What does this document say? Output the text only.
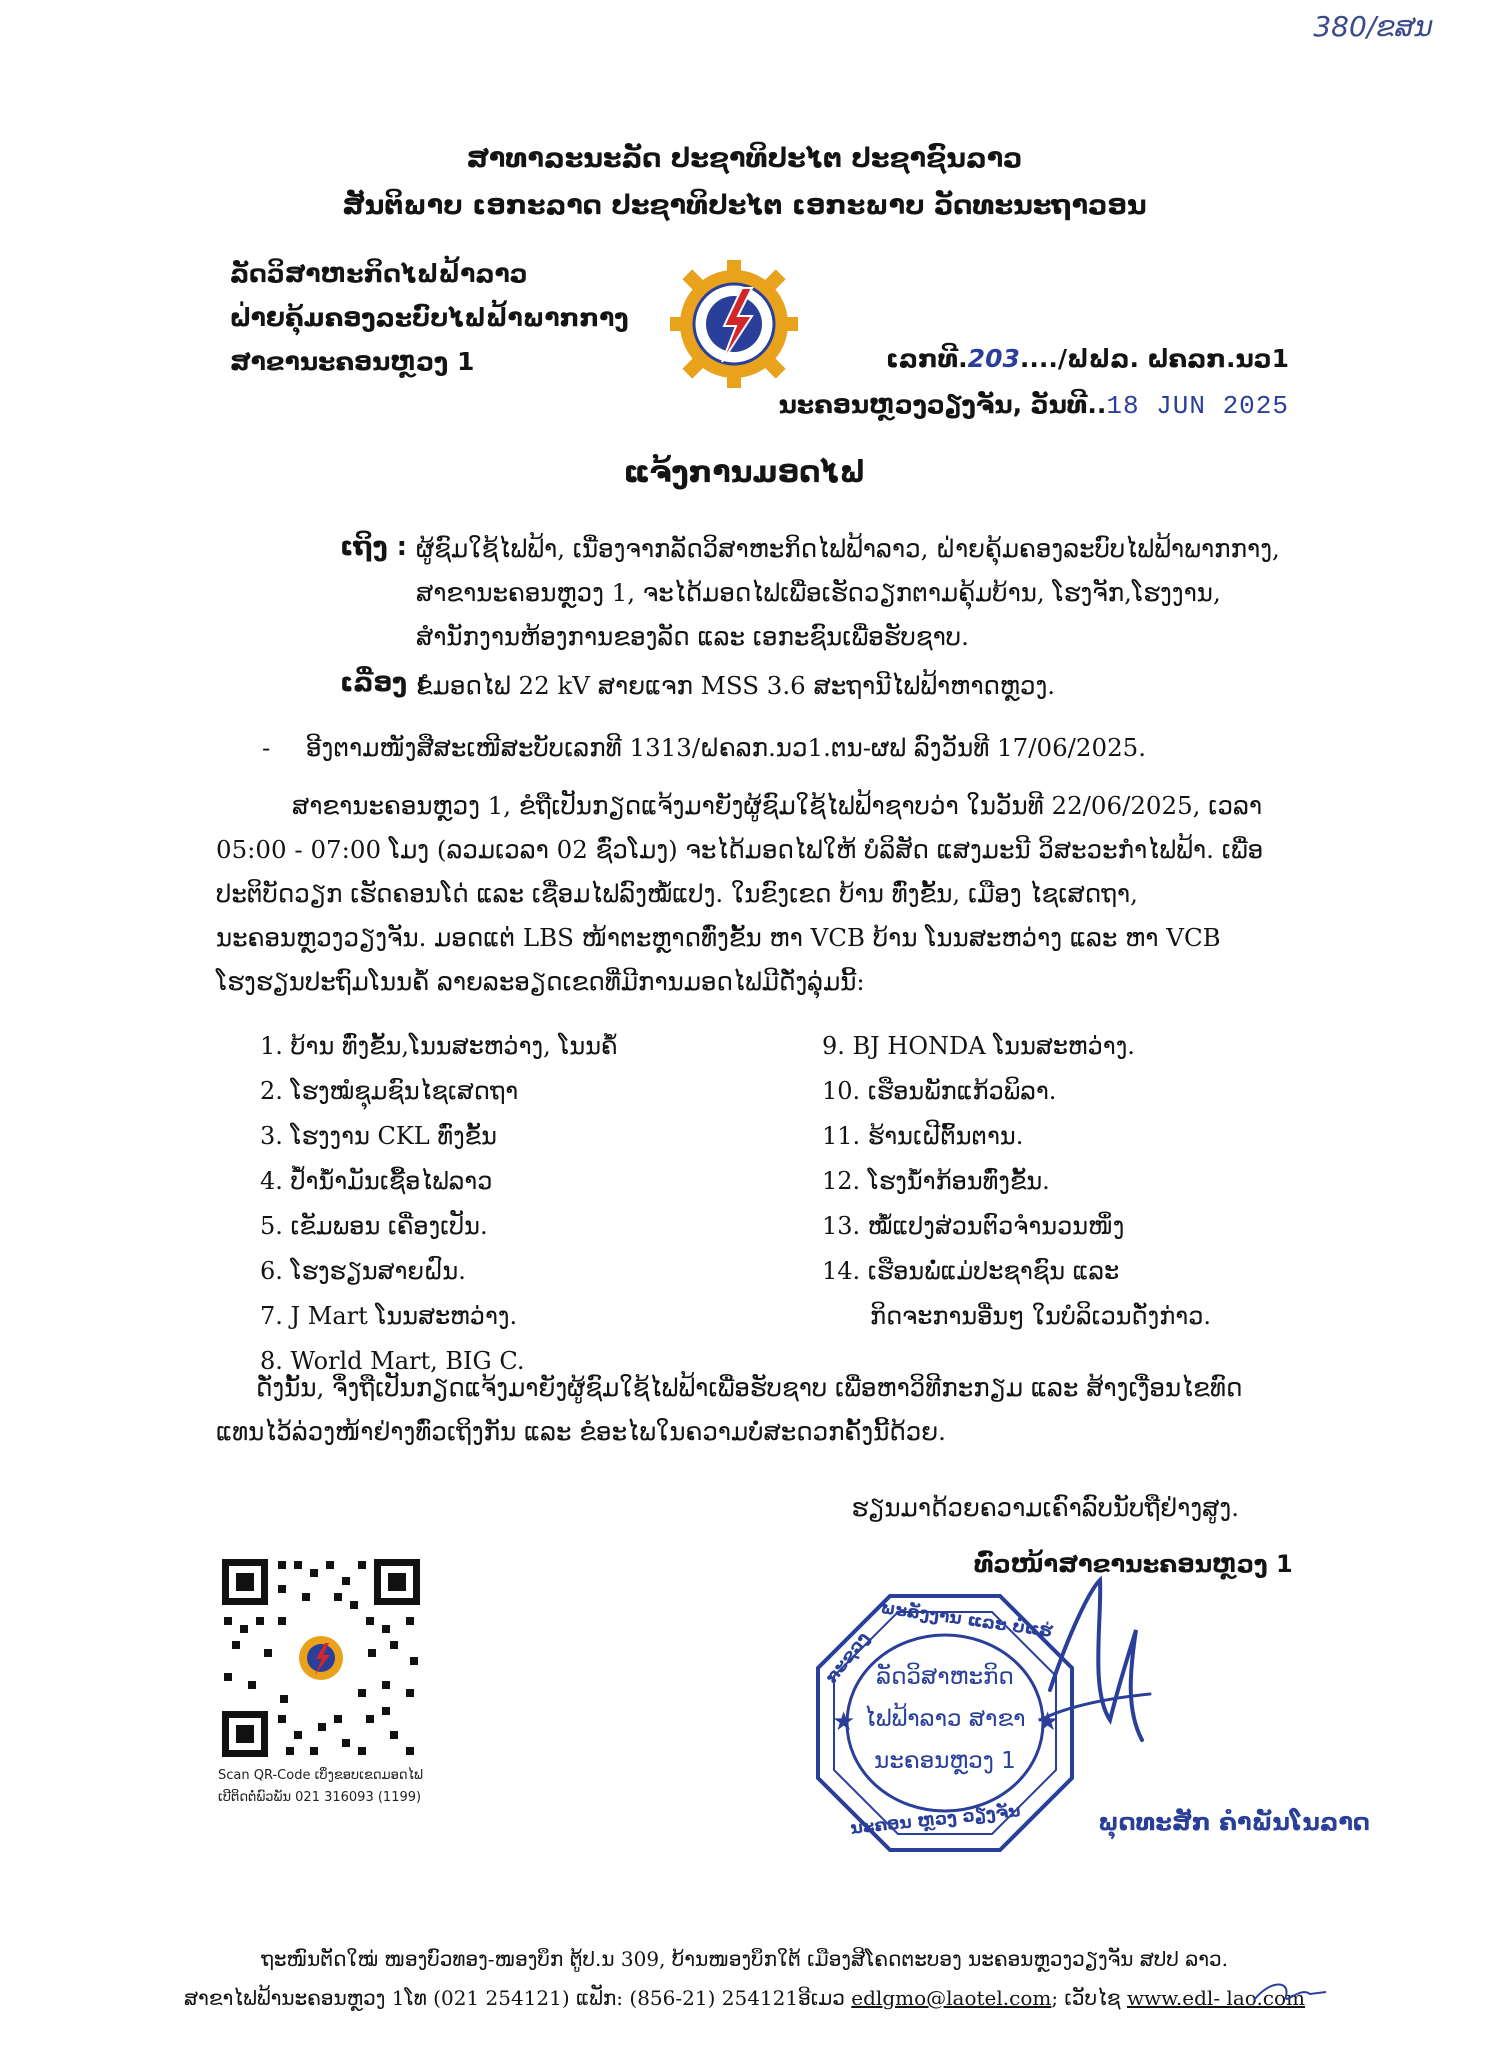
380/ຂສນ
ສາທາລະນະລັດ ປະຊາທິປະໄຕ ປະຊາຊົນລາວ
ສັນຕິພາບ ເອກະລາດ ປະຊາທິປະໄຕ ເອກະພາບ ວັດທະນະຖາວອນ
ລັດວິສາຫະກິດໄຟຟ້າລາວ
ຝ່າຍຄຸ້ມຄອງລະບົບໄຟຟ້າພາກກາງ
ສາຂານະຄອນຫຼວງ 1	ເລກທີ.203..../ຟຟລ. ຝຄລກ.ນວ1
ນະຄອນຫຼວງວຽງຈັນ, ວັນທີ..18 JUN 2025
ແຈ້ງການມອດໄຟ
ເຖິງ : ຜູ້ຊົມໃຊ້ໄຟຟ້າ, ເນື່ອງຈາກລັດວິສາຫະກິດໄຟຟ້າລາວ, ຝ່າຍຄຸ້ມຄອງລະບົບໄຟຟ້າພາກກາງ,
ສາຂານະຄອນຫຼວງ 1, ຈະໄດ້ມອດໄຟເພື່ອເຮັດວຽກຕາມຄຸ້ມບ້ານ, ໂຮງຈັກ,ໂຮງງານ,
ສຳນັກງານຫ້ອງການຂອງລັດ ແລະ ເອກະຊົນເພື່ອຮັບຊາບ.
ເລື່ອງ :
ຂໍມອດໄຟ 22 kV ສາຍແຈກ MSS 3.6 ສະຖານີໄຟຟ້າຫາດຫຼວງ.
- ອີງຕາມໜັງສືສະເໜີສະບັບເລກທີ 1313/ຝຄລກ.ນວ1.ຕນ-ຜຟ ລົງວັນທີ 17/06/2025.
ສາຂານະຄອນຫຼວງ 1, ຂໍຖືເປັນກຽດແຈ້ງມາຍັງຜູ້ຊົມໃຊ້ໄຟຟ້າຊາບວ່າ ໃນວັນທີ 22/06/2025, ເວລາ
05:00 - 07:00 ໂມງ (ລວມເວລາ 02 ຊົ່ວໂມງ) ຈະໄດ້ມອດໄຟໃຫ້ ບໍລິສັດ ແສງມະນີ ວິສະວະກຳໄຟຟ້າ. ເພື່ອ
ປະຕິບັດວຽກ ເຮັດຄອນໂດ່ ແລະ ເຊື່ອມໄຟລົງໝໍ້ແປງ. ໃນຂົງເຂດ ບ້ານ ທົ່ງຂັ້ນ, ເມືອງ ໄຊເສດຖາ,
ນະຄອນຫຼວງວຽງຈັນ. ມອດແຕ່ LBS ໜ້າຕະຫຼາດທົ່ງຂັ້ນ ຫາ VCB ບ້ານ ໂນນສະຫວ່າງ ແລະ ຫາ VCB
ໂຮງຮຽນປະຖົມໂນນຄໍ້ ລາຍລະອຽດເຂດທີ່ມີການມອດໄຟມີດັ່ງລຸ່ມນີ້:
1. ບ້ານ ທົ່ງຂັ້ນ,ໂນນສະຫວ່າງ, ໂນນຄໍ້
2. ໂຮງໝໍຊຸມຊົນໄຊເສດຖາ
3. ໂຮງງານ CKL ທົ່ງຂັ້ນ
4. ປໍ້ານ້ຳມັນເຊື້ອໄຟລາວ
5. ເຂັມພອນ ເຄື່ອງເປັນ.
6. ໂຮງຮຽນສາຍຝົນ.
7. J Mart ໂນນສະຫວ່າງ.
8. World Mart, BIG C.
9. BJ HONDA ໂນນສະຫວ່າງ.
10. ເຮືອນພັກແກ້ວພິລາ.
11. ຮ້ານເຝີຕົ້ນຕານ.
12. ໂຮງນ້ຳກ້ອນທົ່ງຂັ້ນ.
13. ໝໍ້ແປງສ່ວນຕົວຈຳນວນໜຶ່ງ
14. ເຮືອນພໍ່ແມ່ປະຊາຊົນ ແລະ
ກິດຈະການອື່ນໆ ໃນບໍລິເວນດັ່ງກ່າວ.
ດັ່ງນັ້ນ, ຈຶ່ງຖືເປັນກຽດແຈ້ງມາຍັງຜູ້ຊົມໃຊ້ໄຟຟ້າເພື່ອຮັບຊາບ ເພື່ອຫາວິທີກະກຽມ ແລະ ສ້າງເງື່ອນໄຂທົດ
ແທນໄວ້ລ່ວງໜ້າຢ່າງທົ່ວເຖິງກັນ ແລະ ຂໍອະໄພໃນຄວາມບໍ່ສະດວກຄັ້ງນີ້ດ້ວຍ.
ຮຽນມາດ້ວຍຄວາມເຄົາລົບນັບຖືຢ່າງສູງ.
ທົ່ວໜ້າສາຂານະຄອນຫຼວງ 1
Scan QR-Code ເບິ່ງຂອບເຂດມອດໄຟ
ເບີຕິດຕໍ່ພົວພັນ 021 316093 (1199)
★	★
ພະລັງງານ ແລະ ບໍ່ແຮ່
ກະຊວງ
ນະຄອນ ຫຼວງ ວຽງຈັນ
ລັດວິສາຫະກິດ
ໄຟຟ້າລາວ ສາຂາ
ນະຄອນຫຼວງ 1
ພຸດທະສັກ ຄຳພັນໂນລາດ
ຖະໜົນຕັດໃໝ່ ໜອງບົວທອງ-ໜອງບຶກ ຕູ້ປ.ນ 309, ບ້ານໜອງບຶກໃຕ້ ເມືອງສີໂຄດຕະບອງ ນະຄອນຫຼວງວຽງຈັນ ສປປ ລາວ.
ສາຂາໄຟຟ້ານະຄອນຫຼວງ 1ໂທ (021 254121) ແຟັກ: (856-21) 254121ອີເມວ edlgmo@laotel.com; ເວັບໄຊ www.edl- lao.com
